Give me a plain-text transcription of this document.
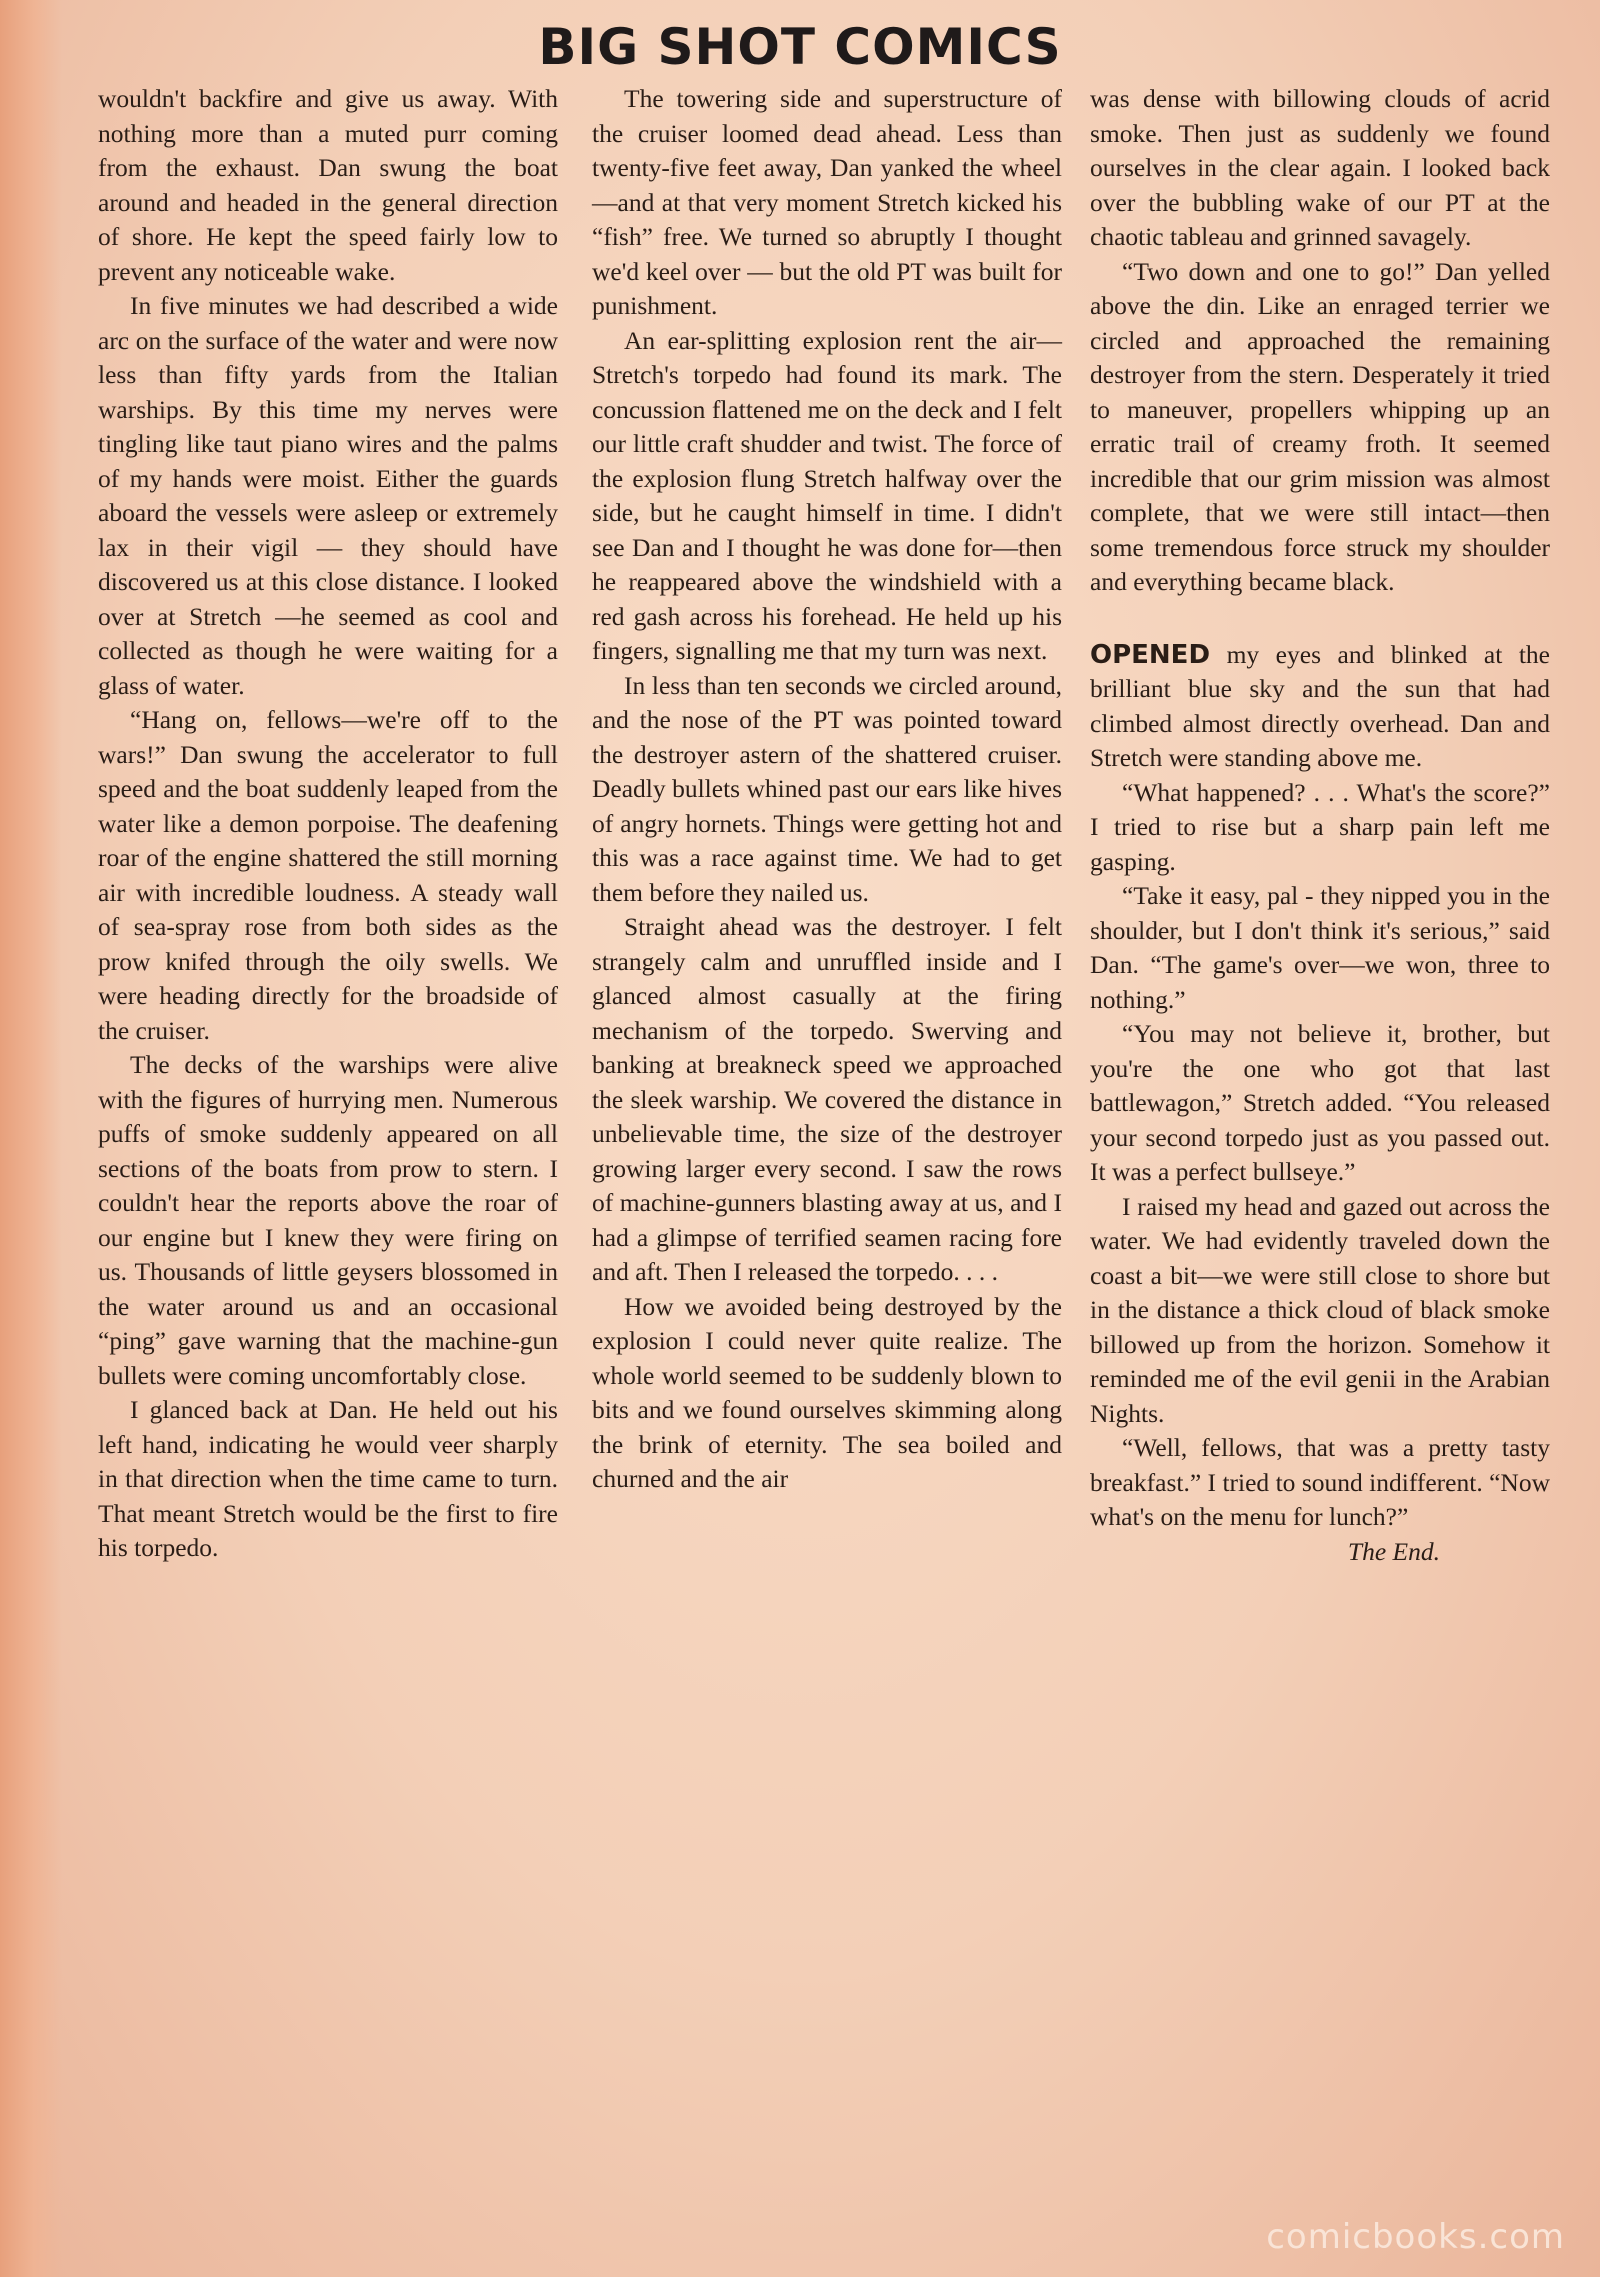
BIG SHOT COMICS

wouldn't backfire and give us away. With nothing more than a muted purr coming from the exhaust. Dan swung the boat around and headed in the general direction of shore. He kept the speed fairly low to prevent any noticeable wake.

In five minutes we had described a wide arc on the surface of the water and were now less than fifty yards from the Italian warships. By this time my nerves were tingling like taut piano wires and the palms of my hands were moist. Either the guards aboard the vessels were asleep or extremely lax in their vigil — they should have discovered us at this close distance. I looked over at Stretch —he seemed as cool and collected as though he were waiting for a glass of water.

“Hang on, fellows—we're off to the wars!” Dan swung the accelerator to full speed and the boat suddenly leaped from the water like a demon porpoise. The deafening roar of the engine shattered the still morning air with incredible loudness. A steady wall of sea-spray rose from both sides as the prow knifed through the oily swells. We were heading directly for the broadside of the cruiser.

The decks of the warships were alive with the figures of hurrying men. Numerous puffs of smoke suddenly appeared on all sections of the boats from prow to stern. I couldn't hear the reports above the roar of our engine but I knew they were firing on us. Thousands of little geysers blossomed in the water around us and an occasional “ping” gave warning that the machine-gun bullets were coming uncomfortably close.

I glanced back at Dan. He held out his left hand, indicating he would veer sharply in that direction when the time came to turn. That meant Stretch would be the first to fire his torpedo.

The towering side and superstructure of the cruiser loomed dead ahead. Less than twenty-five feet away, Dan yanked the wheel—and at that very moment Stretch kicked his “fish” free. We turned so abruptly I thought we'd keel over — but the old PT was built for punishment.

An ear-splitting explosion rent the air—Stretch's torpedo had found its mark. The concussion flattened me on the deck and I felt our little craft shudder and twist. The force of the explosion flung Stretch halfway over the side, but he caught himself in time. I didn't see Dan and I thought he was done for—then he reappeared above the windshield with a red gash across his forehead. He held up his fingers, signalling me that my turn was next.

In less than ten seconds we circled around, and the nose of the PT was pointed toward the destroyer astern of the shattered cruiser. Deadly bullets whined past our ears like hives of angry hornets. Things were getting hot and this was a race against time. We had to get them before they nailed us.

Straight ahead was the destroyer. I felt strangely calm and unruffled inside and I glanced almost casually at the firing mechanism of the torpedo. Swerving and banking at breakneck speed we approached the sleek warship. We covered the distance in unbelievable time, the size of the destroyer growing larger every second. I saw the rows of machine-gunners blasting away at us, and I had a glimpse of terrified seamen racing fore and aft. Then I released the torpedo. . . .

How we avoided being destroyed by the explosion I could never quite realize. The whole world seemed to be suddenly blown to bits and we found ourselves skimming along the brink of eternity. The sea boiled and churned and the air

was dense with billowing clouds of acrid smoke. Then just as suddenly we found ourselves in the clear again. I looked back over the bubbling wake of our PT at the chaotic tableau and grinned savagely.

“Two down and one to go!” Dan yelled above the din. Like an enraged terrier we circled and approached the remaining destroyer from the stern. Desperately it tried to maneuver, propellers whipping up an erratic trail of creamy froth. It seemed incredible that our grim mission was almost complete, that we were still intact—then some tremendous force struck my shoulder and everything became black.

OPENED my eyes and blinked at the brilliant blue sky and the sun that had climbed almost directly overhead. Dan and Stretch were standing above me.

“What happened? . . . What's the score?” I tried to rise but a sharp pain left me gasping.

“Take it easy, pal - they nipped you in the shoulder, but I don't think it's serious,” said Dan. “The game's over—we won, three to nothing.”

“You may not believe it, brother, but you're the one who got that last battlewagon,” Stretch added. “You released your second torpedo just as you passed out. It was a perfect bullseye.”

I raised my head and gazed out across the water. We had evidently traveled down the coast a bit—we were still close to shore but in the distance a thick cloud of black smoke billowed up from the horizon. Somehow it reminded me of the evil genii in the Arabian Nights.

“Well, fellows, that was a pretty tasty breakfast.” I tried to sound indifferent. “Now what's on the menu for lunch?”

The End.

comicbooks.com
